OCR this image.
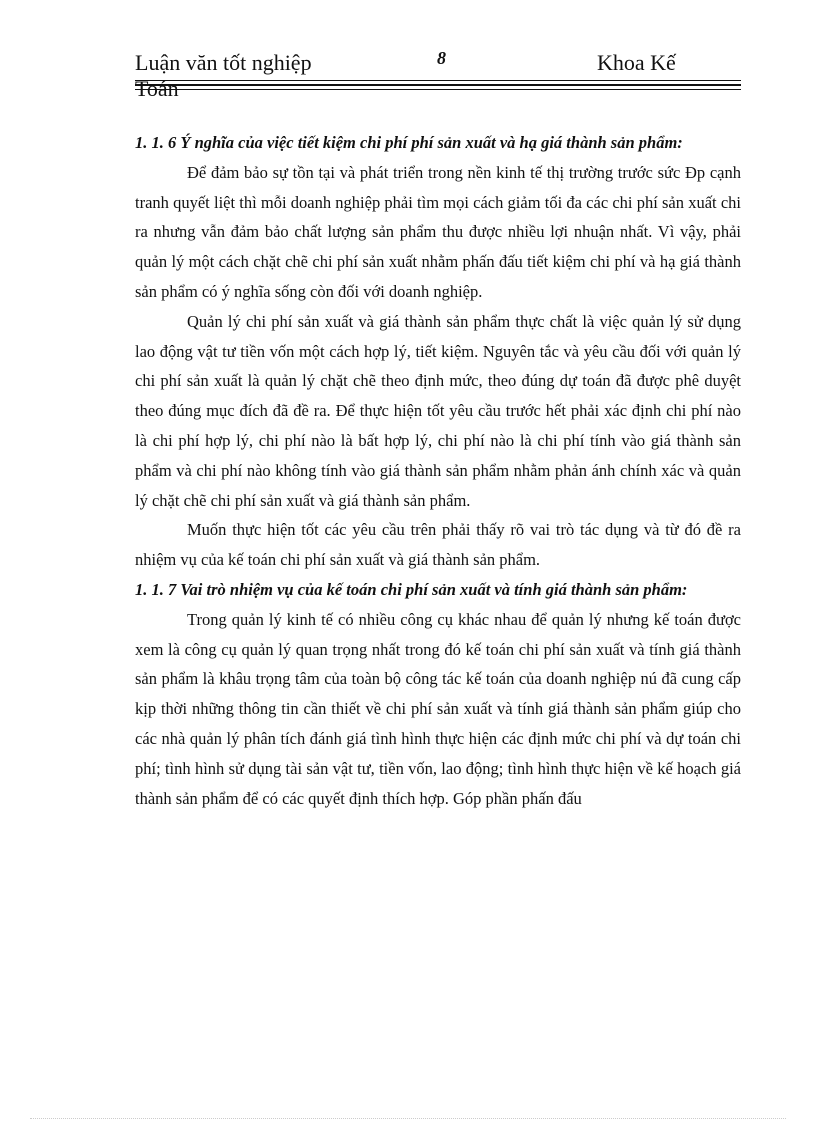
Luận văn tốt nghiệp Toán
8	Khoa Kế
1. 1. 6 Ý nghĩa của việc tiết kiệm chi phí phí sản xuất và hạ giá thành sản phẩm:

Để đảm bảo sự tồn tại và phát triển trong nền kinh tế thị trường trước sức Đp cạnh tranh quyết liệt thì mỗi doanh nghiệp phải tìm mọi cách giảm tối đa các chi phí sản xuất chi ra nhưng vẫn đảm bảo chất lượng sản phẩm thu được nhiều lợi nhuận nhất. Vì vậy, phải quản lý một cách chặt chẽ chi phí sản xuất nhằm phấn đấu tiết kiệm chi phí và hạ giá thành sản phẩm có ý nghĩa sống còn đối với doanh nghiệp.

Quản lý chi phí sản xuất và giá thành sản phẩm thực chất là việc quản lý sử dụng lao động vật tư tiền vốn một cách hợp lý, tiết kiệm. Nguyên tắc và yêu cầu đối với quản lý chi phí sản xuất là quản lý chặt chẽ theo định mức, theo đúng dự toán đã được phê duyệt theo đúng mục đích đã đề ra. Để thực hiện tốt yêu cầu trước hết phải xác định chi phí nào là chi phí hợp lý, chi phí nào là bất hợp lý, chi phí nào là chi phí tính vào giá thành sản phẩm và chi phí nào không tính vào giá thành sản phẩm nhằm phản ánh chính xác và quản lý chặt chẽ chi phí sản xuất và giá thành sản phẩm.

Muốn thực hiện tốt các yêu cầu trên phải thấy rõ vai trò tác dụng và từ đó đề ra nhiệm vụ của kế toán chi phí sản xuất và giá thành sản phẩm.

1. 1. 7 Vai trò nhiệm vụ của kế toán chi phí sản xuất và tính giá thành sản phẩm:

Trong quản lý kinh tế có nhiều công cụ khác nhau để quản lý nhưng kế toán được xem là công cụ quản lý quan trọng nhất trong đó kế toán chi phí sản xuất và tính giá thành sản phẩm là khâu trọng tâm của toàn bộ công tác kế toán của doanh nghiệp nú đã cung cấp kịp thời những thông tin cần thiết về chi phí sản xuất và tính giá thành sản phẩm giúp cho các nhà quản lý phân tích đánh giá tình hình thực hiện các định mức chi phí và dự toán chi phí; tình hình sử dụng tài sản vật tư, tiền vốn, lao động; tình hình thực hiện về kế hoạch giá thành sản phẩm để có các quyết định thích hợp. Góp phần phấn đấu
